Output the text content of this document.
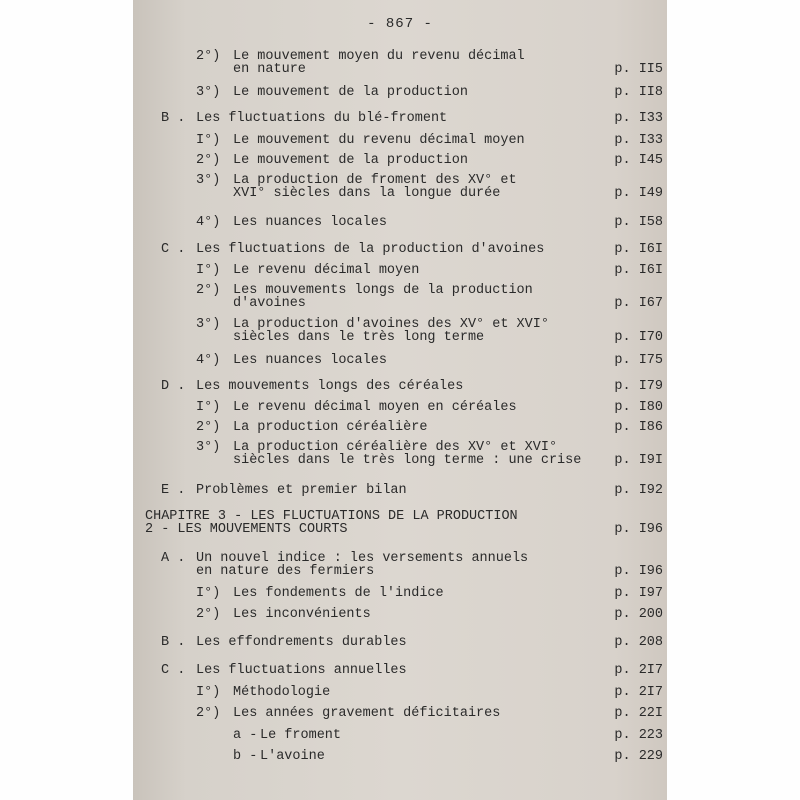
- 867 -
2°) Le mouvement moyen du revenu décimal
en nature	p. II5
3°) Le mouvement de la production	p. II8
B . Les fluctuations du blé-froment	p. I33
I°) Le mouvement du revenu décimal moyen	p. I33
2°) Le mouvement de la production	p. I45
3°) La production de froment des XV° et
XVI° siècles dans la longue durée	p. I49
4°) Les nuances locales	p. I58
C . Les fluctuations de la production d'avoines	p. I6I
I°) Le revenu décimal moyen	p. I6I
2°) Les mouvements longs de la production
d'avoines	p. I67
3°) La production d'avoines des XV° et XVI°
siècles dans le très long terme	p. I70
4°) Les nuances locales	p. I75
D . Les mouvements longs des céréales	p. I79
I°) Le revenu décimal moyen en céréales	p. I80
2°) La production céréalière	p. I86
3°) La production céréalière des XV° et XVI°
siècles dans le très long terme : une crise p. I9I
E . Problèmes et premier bilan	p. I92
CHAPITRE 3 - LES FLUCTUATIONS DE LA PRODUCTION
2 - LES MOUVEMENTS COURTS	p. I96
A . Un nouvel indice : les versements annuels
en nature des fermiers	p. I96
I°) Les fondements de l'indice	p. I97
2°) Les inconvénients	p. 200
B . Les effondrements durables	p. 208
C . Les fluctuations annuelles	p. 2I7
I°) Méthodologie	p. 2I7
2°) Les années gravement déficitaires	p. 22I
a - Le froment	p. 223
b - L'avoine	p. 229
